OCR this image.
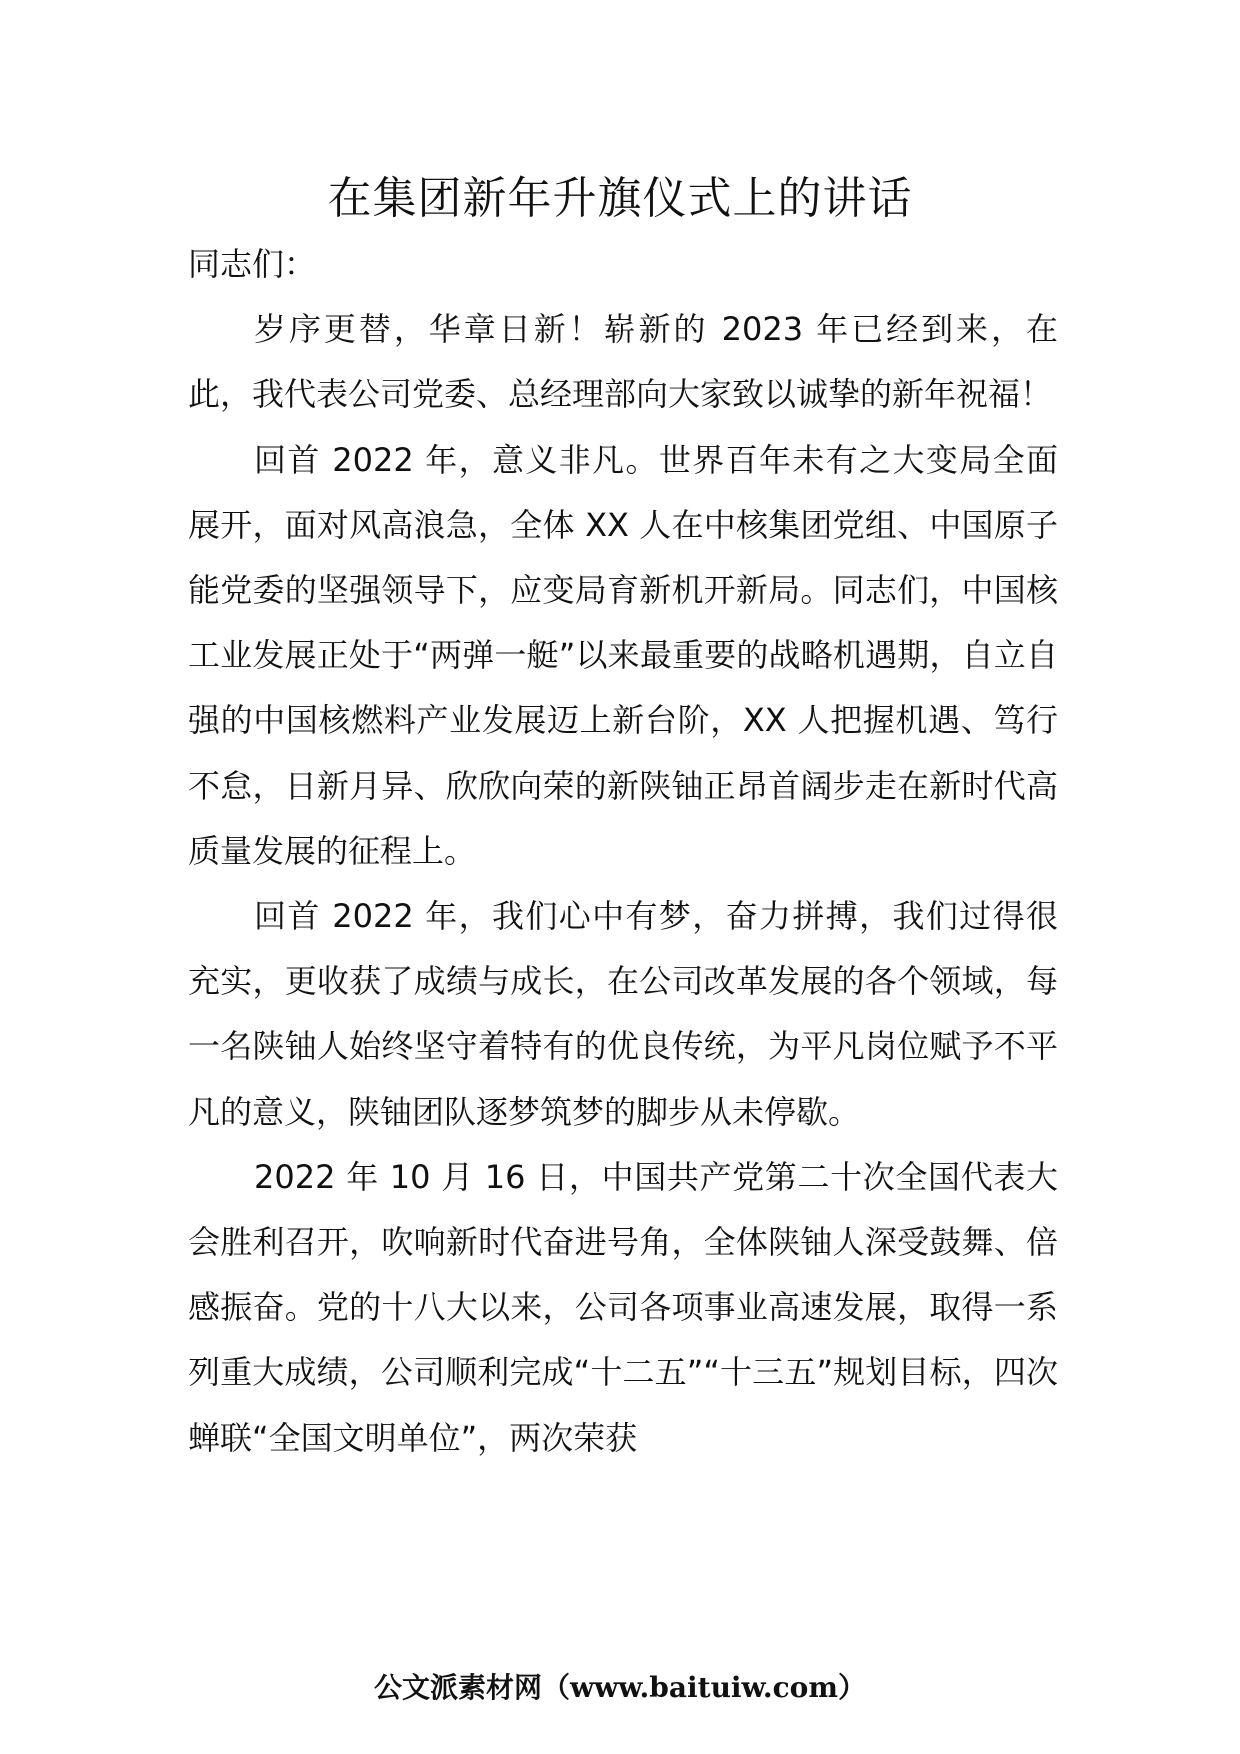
在集团新年升旗仪式上的讲话

同志们：

岁序更替，华章日新！崭新的 2023 年已经到来，在此，我代表公司党委、总经理部向大家致以诚挚的新年祝福！

回首 2022 年，意义非凡。世界百年未有之大变局全面展开，面对风高浪急，全体 XX 人在中核集团党组、中国原子能党委的坚强领导下，应变局育新机开新局。同志们，中国核工业发展正处于“两弹一艇”以来最重要的战略机遇期，自立自强的中国核燃料产业发展迈上新台阶，XX 人把握机遇、笃行不怠，日新月异、欣欣向荣的新陕铀正昂首阔步走在新时代高质量发展的征程上。

回首 2022 年，我们心中有梦，奋力拼搏，我们过得很充实，更收获了成绩与成长，在公司改革发展的各个领域，每一名陕铀人始终坚守着特有的优良传统，为平凡岗位赋予不平凡的意义，陕铀团队逐梦筑梦的脚步从未停歇。

2022 年 10 月 16 日，中国共产党第二十次全国代表大会胜利召开，吹响新时代奋进号角，全体陕铀人深受鼓舞、倍感振奋。党的十八大以来，公司各项事业高速发展，取得一系列重大成绩，公司顺利完成“十二五”“十三五”规划目标，四次蝉联“全国文明单位”，两次荣获

公文派素材网（www.baituiw.com）
